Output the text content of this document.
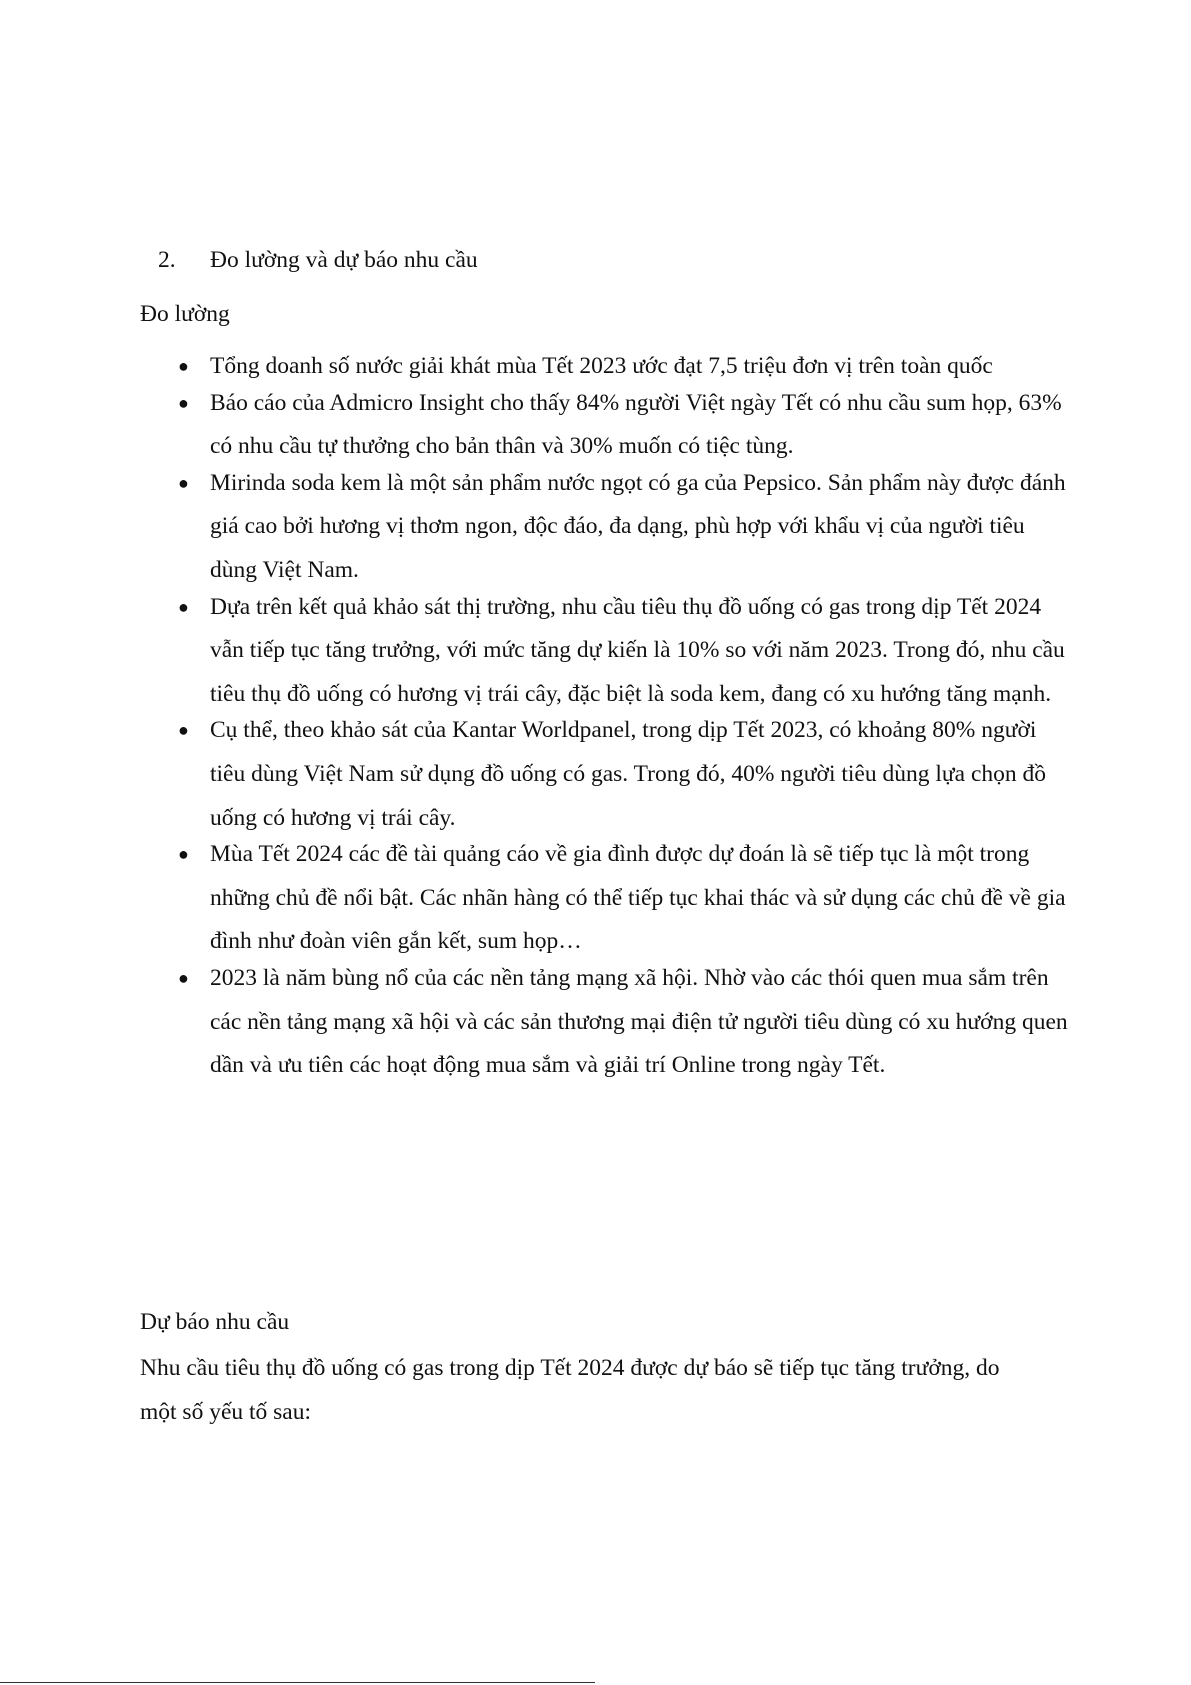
2. Đo lường và dự báo nhu cầu
Đo lường
● Tổng doanh số nước giải khát mùa Tết 2023 ước đạt 7,5 triệu đơn vị trên toàn quốc
● Báo cáo của Admicro Insight cho thấy 84% người Việt ngày Tết có nhu cầu sum họp, 63% có nhu cầu tự thưởng cho bản thân và 30% muốn có tiệc tùng.
● Mirinda soda kem là một sản phẩm nước ngọt có ga của Pepsico. Sản phẩm này được đánh giá cao bởi hương vị thơm ngon, độc đáo, đa dạng, phù hợp với khẩu vị của người tiêu dùng Việt Nam.
● Dựa trên kết quả khảo sát thị trường, nhu cầu tiêu thụ đồ uống có gas trong dịp Tết 2024 vẫn tiếp tục tăng trưởng, với mức tăng dự kiến là 10% so với năm 2023. Trong đó, nhu cầu tiêu thụ đồ uống có hương vị trái cây, đặc biệt là soda kem, đang có xu hướng tăng mạnh.
● Cụ thể, theo khảo sát của Kantar Worldpanel, trong dịp Tết 2023, có khoảng 80% người tiêu dùng Việt Nam sử dụng đồ uống có gas. Trong đó, 40% người tiêu dùng lựa chọn đồ uống có hương vị trái cây.
● Mùa Tết 2024 các đề tài quảng cáo về gia đình được dự đoán là sẽ tiếp tục là một trong những chủ đề nổi bật. Các nhãn hàng có thể tiếp tục khai thác và sử dụng các chủ đề về gia đình như đoàn viên gắn kết, sum họp…
● 2023 là năm bùng nổ của các nền tảng mạng xã hội. Nhờ vào các thói quen mua sắm trên các nền tảng mạng xã hội và các sản thương mại điện tử người tiêu dùng có xu hướng quen dần và ưu tiên các hoạt động mua sắm và giải trí Online trong ngày Tết.
Dự báo nhu cầu
Nhu cầu tiêu thụ đồ uống có gas trong dịp Tết 2024 được dự báo sẽ tiếp tục tăng trưởng, do một số yếu tố sau:
